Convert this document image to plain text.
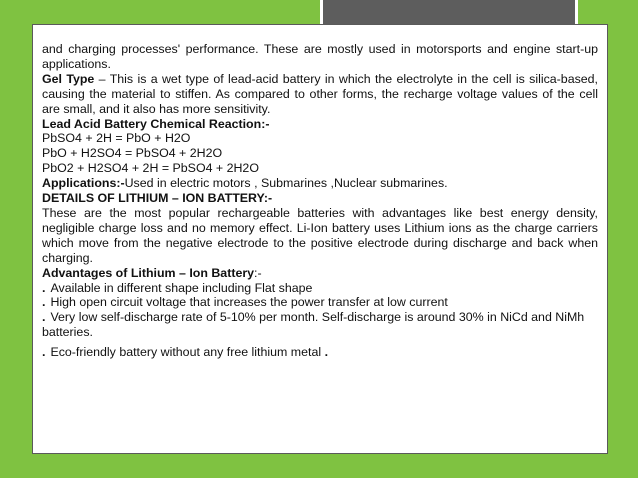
and charging processes' performance. These are mostly used in motorsports and engine start-up applications.

Gel Type – This is a wet type of lead-acid battery in which the electrolyte in the cell is silica-based, causing the material to stiffen. As compared to other forms, the recharge voltage values of the cell are small, and it also has more sensitivity.

Lead Acid Battery Chemical Reaction:-

PbSO4 + 2H = PbO + H2O

PbO + H2SO4 = PbSO4 + 2H2O

PbO2 + H2SO4 + 2H = PbSO4 + 2H2O

Applications:-Used in electric motors , Submarines ,Nuclear submarines.

DETAILS OF LITHIUM – ION BATTERY:-

These are the most popular rechargeable batteries with advantages like best energy density, negligible charge loss and no memory effect. Li-Ion battery uses Lithium ions as the charge carriers which move from the negative electrode to the positive electrode during discharge and back when charging.

Advantages of Lithium – Ion Battery:-

. Available in different shape including Flat shape

. High open circuit voltage that increases the power transfer at low current

. Very low self-discharge rate of 5-10% per month. Self-discharge is around 30% in NiCd and NiMh batteries.

. Eco-friendly battery without any free lithium metal .
